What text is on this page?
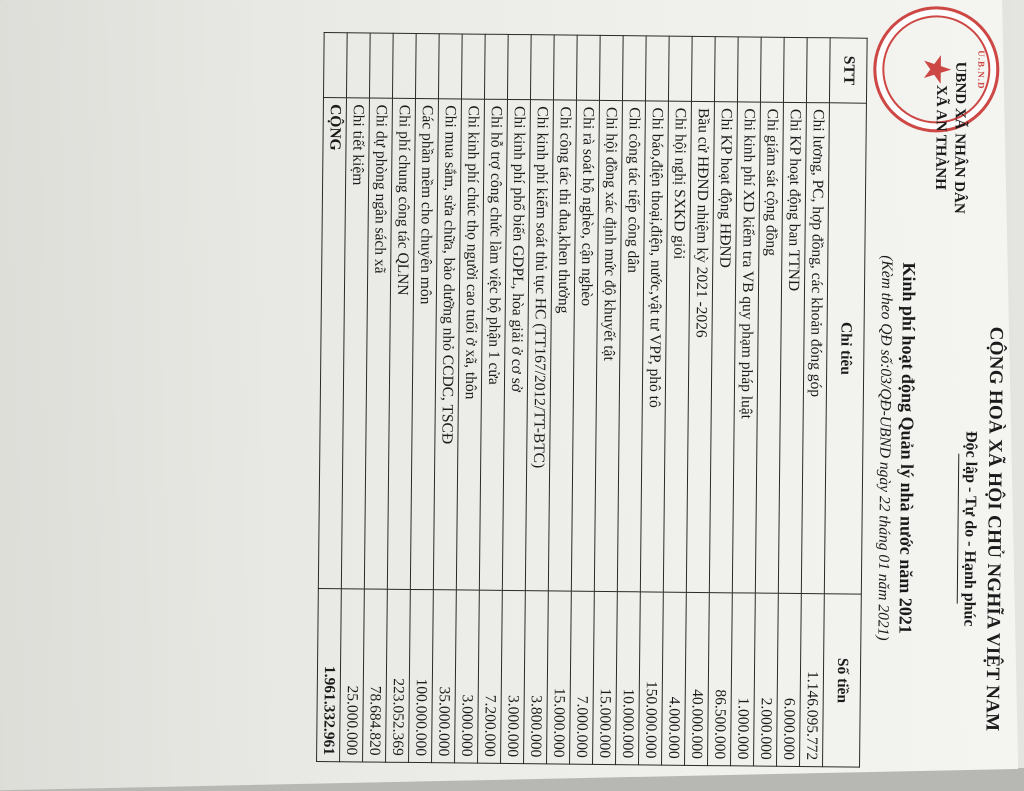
U.B.N.D
UBND XÃ NHÂN DÂN
XÃ AN THÀNH
CỘNG HOÀ XÃ HỘI CHỦ NGHĨA VIỆT NAM
Độc lập - Tự do - Hạnh phúc
Kinh phí hoạt động Quản lý nhà nước năm 2021
(Kèm theo QĐ số:03/QĐ-UBND ngày 22 tháng 01 năm 2021)
STT	Chỉ tiêu	Số tiền
	Chi lương, PC, hợp đồng, các khoản đóng góp	1.146.095.772
	Chi KP hoạt động ban TTND	6.000.000
	Chi giám sát cộng đồng	2.000.000
	Chi kinh phí XD kiểm tra VB quy phạm pháp luật	1.000.000
	Chi KP hoạt động HĐND	86.500.000
	Bầu cử HĐND nhiệm kỳ 2021 -2026	40.000.000
	Chi hội nghị SXKD giỏi	4.000.000
	Chi báo,điện thoại,điện, nước,vật tư VPP, phô tô	150.000.000
	Chi công tác tiếp công dân	10.000.000
	Chi hội đồng xác định mức độ khuyết tật	15.000.000
	Chi rà soát hộ nghèo, cận nghèo	7.000.000
	Chi công tác thi đua,khen thưởng	15.000.000
	Chi kinh phí kiểm soát thủ tục HC (TT167/2012/TT-BTC)	3.800.000
	Chi kinh phí phổ biến GDPL, hòa giải ở cơ sở	3.000.000
	Chi hỗ trợ công chức làm việc bộ phận 1 cửa	7.200.000
	Chi kinh phí chúc thọ người cao tuổi ở xã, thôn	3.000.000
	Chi mua sắm, sửa chữa, bảo dưỡng nhỏ CCDC, TSCĐ	35.000.000
	Các phần mềm cho chuyên môn	100.000.000
	Chi phí chung công tác QLNN	223.052.369
	Chi dự phòng ngân sách xã	78.684.820
	Chi tiết kiệm	25.000.000
	CỘNG	1.961.332.961
